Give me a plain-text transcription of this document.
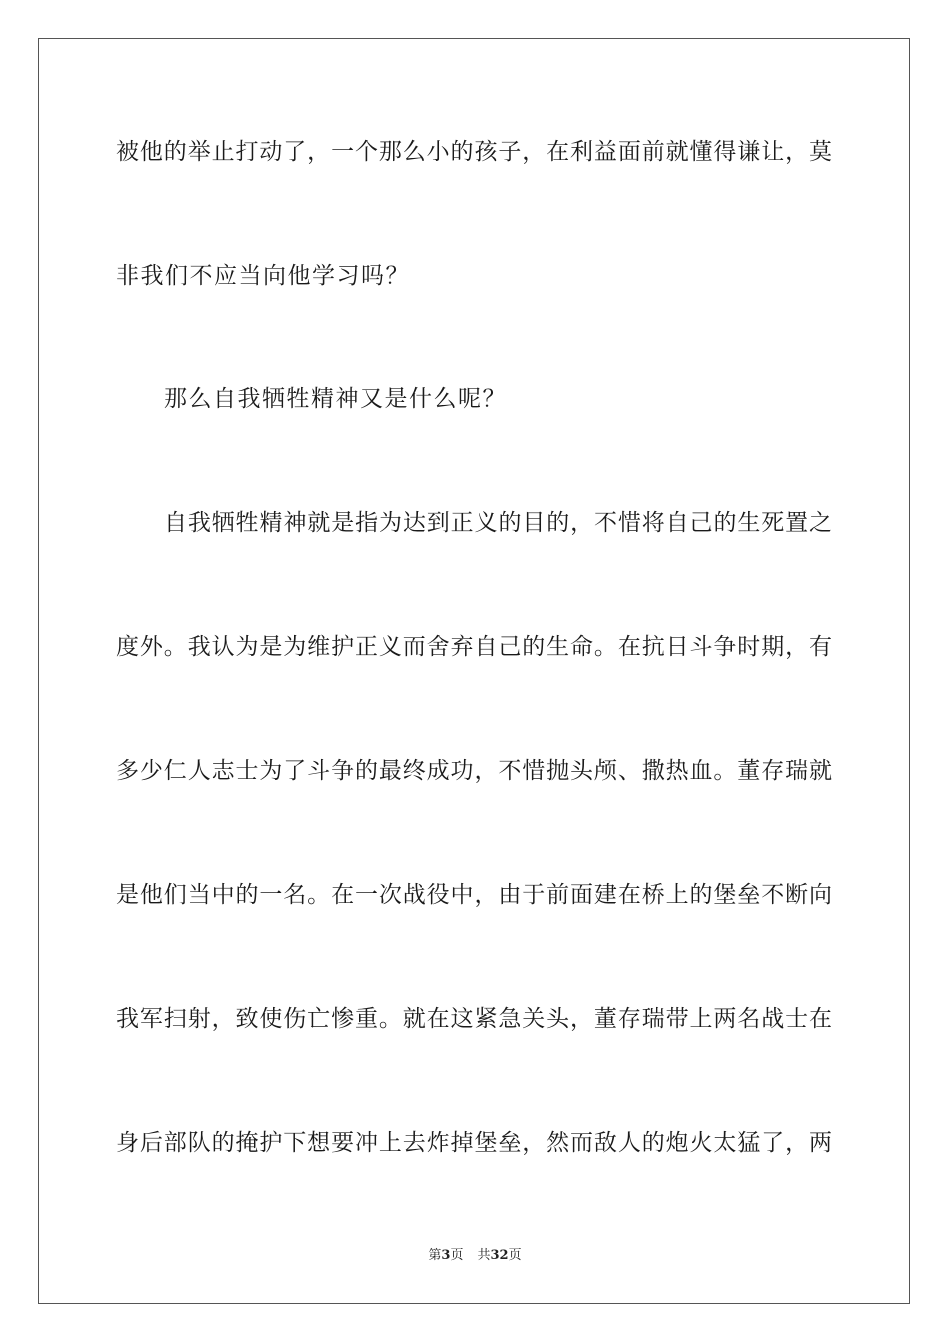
被他的举止打动了，一个那么小的孩子，在利益面前就懂得谦让，莫
非我们不应当向他学习吗？
那么自我牺牲精神又是什么呢？
自我牺牲精神就是指为达到正义的目的，不惜将自己的生死置之
度外。我认为是为维护正义而舍弃自己的生命。在抗日斗争时期，有
多少仁人志士为了斗争的最终成功，不惜抛头颅、撒热血。董存瑞就
是他们当中的一名。在一次战役中，由于前面建在桥上的堡垒不断向
我军扫射，致使伤亡惨重。就在这紧急关头，董存瑞带上两名战士在
身后部队的掩护下想要冲上去炸掉堡垒，然而敌人的炮火太猛了，两
第3页 共32页
